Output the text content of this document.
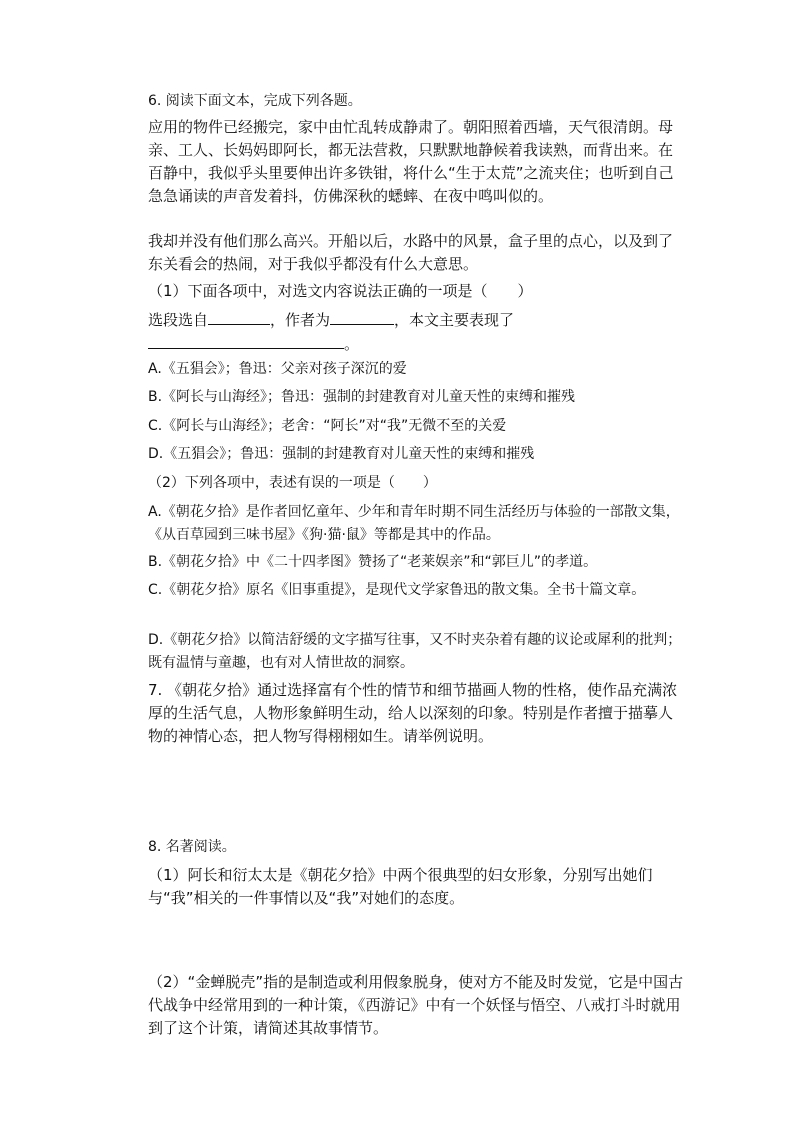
6. 阅读下面文本，完成下列各题。
应用的物件已经搬完，家中由忙乱转成静肃了。朝阳照着西墙，天气很清朗。母亲、工人、长妈妈即阿长，都无法营救，只默默地静候着我读熟，而背出来。在百静中，我似乎头里要伸出许多铁钳，将什么“生于太荒”之流夹住；也听到自己急急诵读的声音发着抖，仿佛深秋的蟋蟀、在夜中鸣叫似的。
我却并没有他们那么高兴。开船以后，水路中的风景，盒子里的点心，以及到了东关看会的热闹，对于我似乎都没有什么大意思。
（1）下面各项中，对选文内容说法正确的一项是（　　）
选段选自	，作者为	，本文主要表现了
。
A.《五猖会》；鲁迅：父亲对孩子深沉的爱
B.《阿长与山海经》；鲁迅：强制的封建教育对儿童天性的束缚和摧残
C.《阿长与山海经》；老舍：“阿长”对“我”无微不至的关爱
D.《五猖会》；鲁迅：强制的封建教育对儿童天性的束缚和摧残
（2）下列各项中，表述有误的一项是（　　）
A.《朝花夕拾》是作者回忆童年、少年和青年时期不同生活经历与体验的一部散文集，《从百草园到三味书屋》《狗·猫·鼠》等都是其中的作品。
B.《朝花夕拾》中《二十四孝图》赞扬了“老莱娱亲”和“郭巨儿”的孝道。
C.《朝花夕拾》原名《旧事重提》，是现代文学家鲁迅的散文集。全书十篇文章。
D.《朝花夕拾》以简洁舒缓的文字描写往事，又不时夹杂着有趣的议论或犀利的批判；既有温情与童趣，也有对人情世故的洞察。
7. 《朝花夕拾》通过选择富有个性的情节和细节描画人物的性格，使作品充满浓厚的生活气息，人物形象鲜明生动，给人以深刻的印象。特别是作者擅于描摹人物的神情心态，把人物写得栩栩如生。请举例说明。
8. 名著阅读。
（1）阿长和衍太太是《朝花夕拾》中两个很典型的妇女形象，分别写出她们与“我”相关的一件事情以及“我”对她们的态度。
（2）“金蝉脱壳”指的是制造或利用假象脱身，使对方不能及时发觉，它是中国古代战争中经常用到的一种计策，《西游记》中有一个妖怪与悟空、八戒打斗时就用到了这个计策，请简述其故事情节。
